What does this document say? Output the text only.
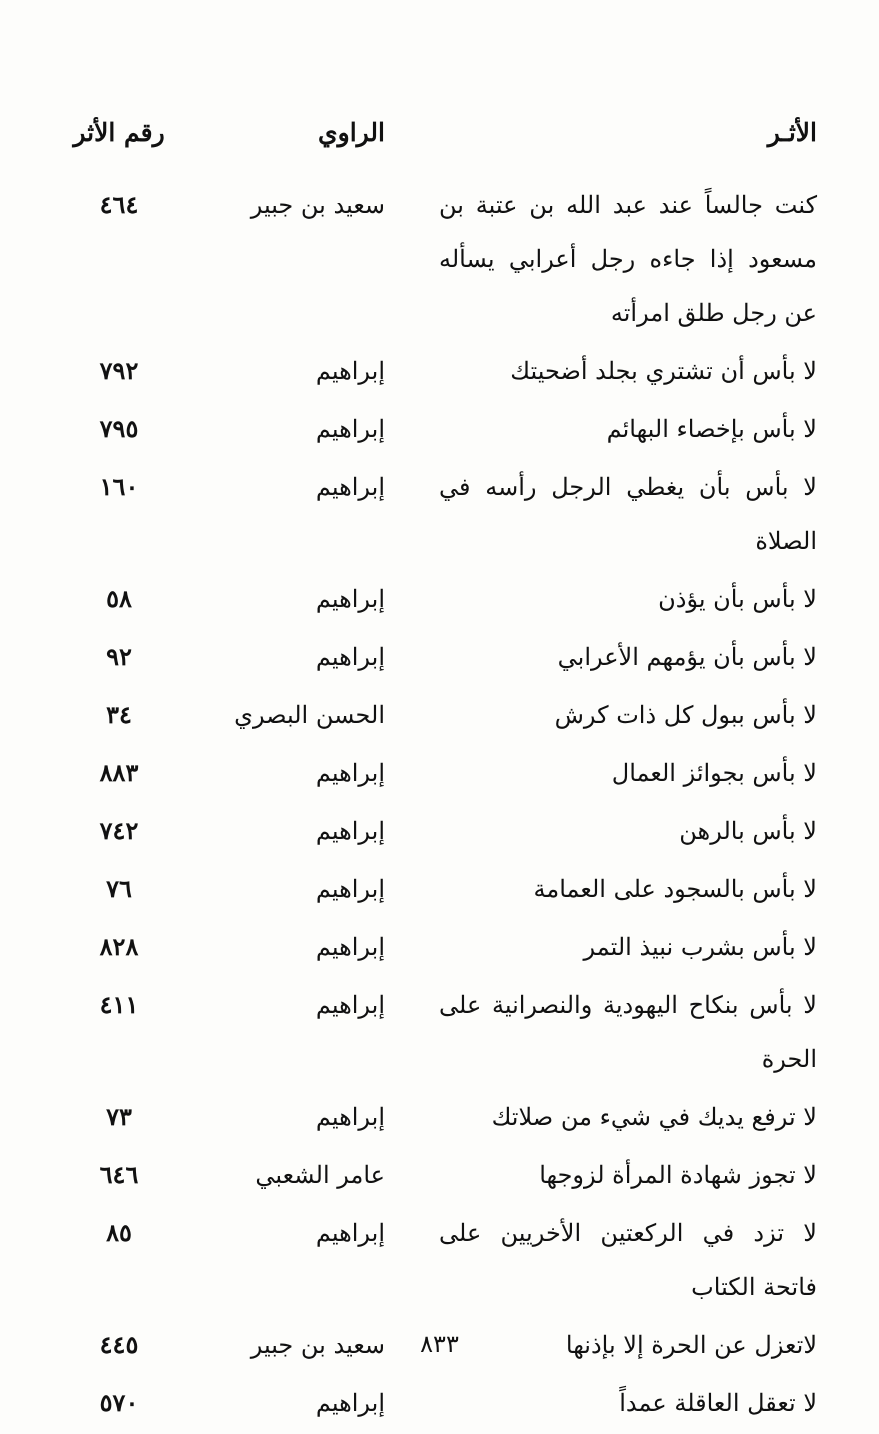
الأثـر
الراوي
رقم الأثر
كنت جالساً عند عبد الله بن عتبة بن مسعود إذا جاءه رجل أعرابي يسأله عن رجل طلق امرأته
سعيد بن جبير
٤٦٤
لا بأس أن تشتري بجلد أضحيتك
إبراهيم
٧٩٢
لا بأس بإخصاء البهائم
إبراهيم
٧٩٥
لا بأس بأن يغطي الرجل رأسه في الصلاة
إبراهيم
١٦٠
لا بأس بأن يؤذن
إبراهيم
٥٨
لا بأس بأن يؤمهم الأعرابي
إبراهيم
٩٢
لا بأس ببول كل ذات كرش
الحسن البصري
٣٤
لا بأس بجوائز العمال
إبراهيم
٨٨٣
لا بأس بالرهن
إبراهيم
٧٤٢
لا بأس بالسجود على العمامة
إبراهيم
٧٦
لا بأس بشرب نبيذ التمر
إبراهيم
٨٢٨
لا بأس بنكاح اليهودية والنصرانية على الحرة
إبراهيم
٤١١
لا ترفع يديك في شيء من صلاتك
إبراهيم
٧٣
لا تجوز شهادة المرأة لزوجها
عامر الشعبي
٦٤٦
لا تزد في الركعتين الأخريين على فاتحة الكتاب
إبراهيم
٨٥
لاتعزل عن الحرة إلا بإذنها
سعيد بن جبير
٤٤٥
لا تعقل العاقلة عمداً
إبراهيم
٥٧٠
٨٣٣
